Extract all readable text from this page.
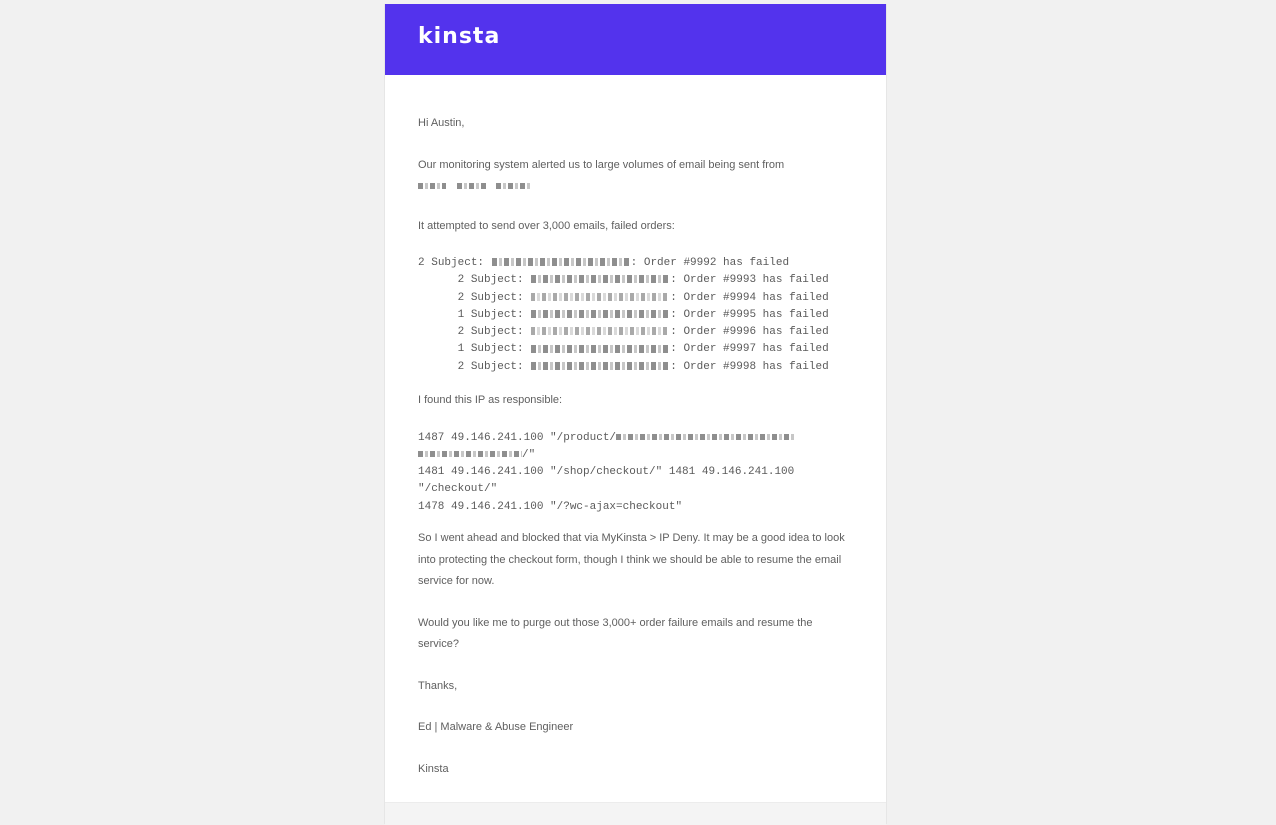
kinsta

Hi Austin,

Our monitoring system alerted us to large volumes of email being sent from

It attempted to send over 3,000 emails, failed orders:

2 Subject:	: Order #9992 has failed
2 Subject:	: Order #9993 has failed
2 Subject:	: Order #9994 has failed
1 Subject:	: Order #9995 has failed
2 Subject:	: Order #9996 has failed
1 Subject:	: Order #9997 has failed
2 Subject:	: Order #9998 has failed

I found this IP as responsible:

1487 49.146.241.100 "/product/
/"
1481 49.146.241.100 "/shop/checkout/" 1481 49.146.241.100
"/checkout/"
1478 49.146.241.100 "/?wc-ajax=checkout"

So I went ahead and blocked that via MyKinsta > IP Deny. It may be a good idea to look into protecting the checkout form, though I think we should be able to resume the email service for now.

Would you like me to purge out those 3,000+ order failure emails and resume the service?

Thanks,

Ed | Malware & Abuse Engineer

Kinsta
